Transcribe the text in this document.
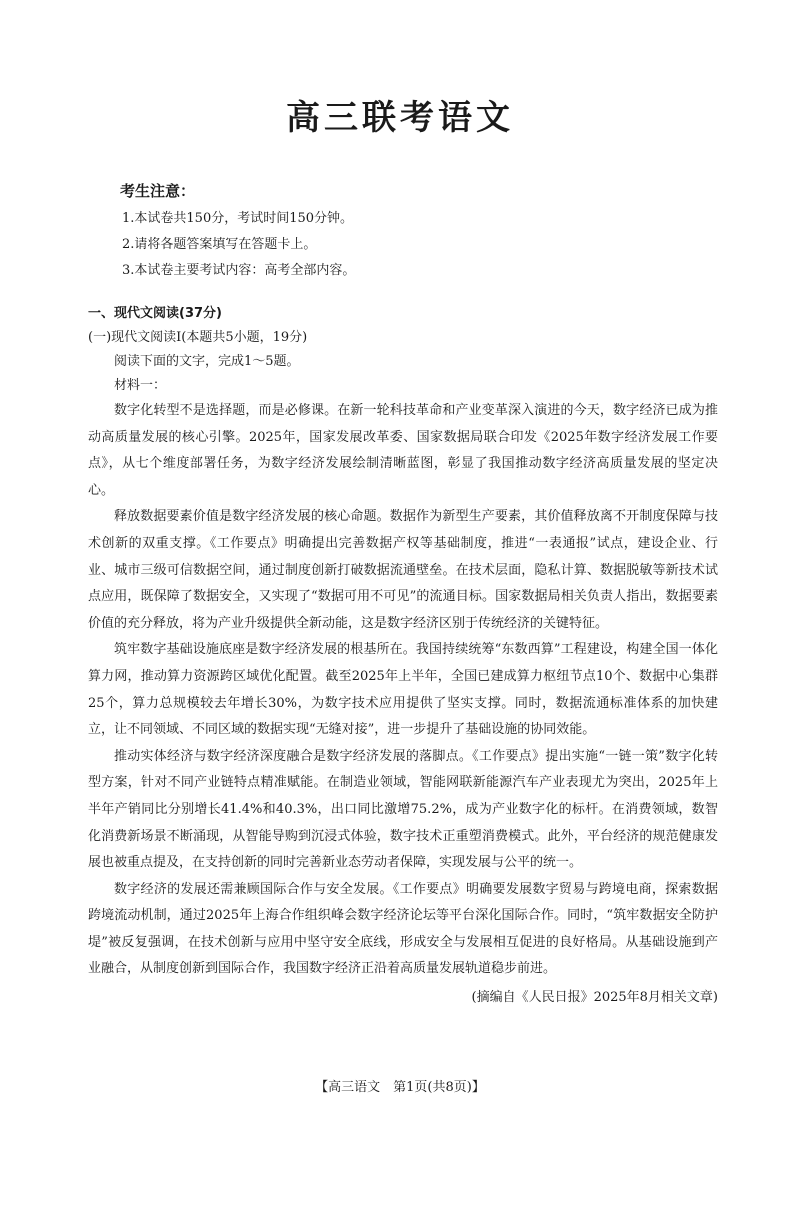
高三联考语文
考生注意：
1.本试卷共150分，考试时间150分钟。
2.请将各题答案填写在答题卡上。
3.本试卷主要考试内容：高考全部内容。
一、现代文阅读(37分)
(一)现代文阅读Ⅰ(本题共5小题，19分)
阅读下面的文字，完成1～5题。
材料一：

数字化转型不是选择题，而是必修课。在新一轮科技革命和产业变革深入演进的今天，数字经济已成为推动高质量发展的核心引擎。2025年，国家发展改革委、国家数据局联合印发《2025年数字经济发展工作要点》，从七个维度部署任务，为数字经济发展绘制清晰蓝图，彰显了我国推动数字经济高质量发展的坚定决心。

释放数据要素价值是数字经济发展的核心命题。数据作为新型生产要素，其价值释放离不开制度保障与技术创新的双重支撑。《工作要点》明确提出完善数据产权等基础制度，推进“一表通报”试点，建设企业、行业、城市三级可信数据空间，通过制度创新打破数据流通壁垒。在技术层面，隐私计算、数据脱敏等新技术试点应用，既保障了数据安全，又实现了“数据可用不可见”的流通目标。国家数据局相关负责人指出，数据要素价值的充分释放，将为产业升级提供全新动能，这是数字经济区别于传统经济的关键特征。

筑牢数字基础设施底座是数字经济发展的根基所在。我国持续统筹“东数西算”工程建设，构建全国一体化算力网，推动算力资源跨区域优化配置。截至2025年上半年，全国已建成算力枢纽节点10个、数据中心集群25个，算力总规模较去年增长30%，为数字技术应用提供了坚实支撑。同时，数据流通标准体系的加快建立，让不同领域、不同区域的数据实现“无缝对接”，进一步提升了基础设施的协同效能。

推动实体经济与数字经济深度融合是数字经济发展的落脚点。《工作要点》提出实施“一链一策”数字化转型方案，针对不同产业链特点精准赋能。在制造业领域，智能网联新能源汽车产业表现尤为突出，2025年上半年产销同比分别增长41.4%和40.3%，出口同比激增75.2%，成为产业数字化的标杆。在消费领域，数智化消费新场景不断涌现，从智能导购到沉浸式体验，数字技术正重塑消费模式。此外，平台经济的规范健康发展也被重点提及，在支持创新的同时完善新业态劳动者保障，实现发展与公平的统一。

数字经济的发展还需兼顾国际合作与安全发展。《工作要点》明确要发展数字贸易与跨境电商，探索数据跨境流动机制，通过2025年上海合作组织峰会数字经济论坛等平台深化国际合作。同时，“筑牢数据安全防护堤”被反复强调，在技术创新与应用中坚守安全底线，形成安全与发展相互促进的良好格局。从基础设施到产业融合，从制度创新到国际合作，我国数字经济正沿着高质量发展轨道稳步前进。

(摘编自《人民日报》2025年8月相关文章)
【高三语文　第1页(共8页)】
